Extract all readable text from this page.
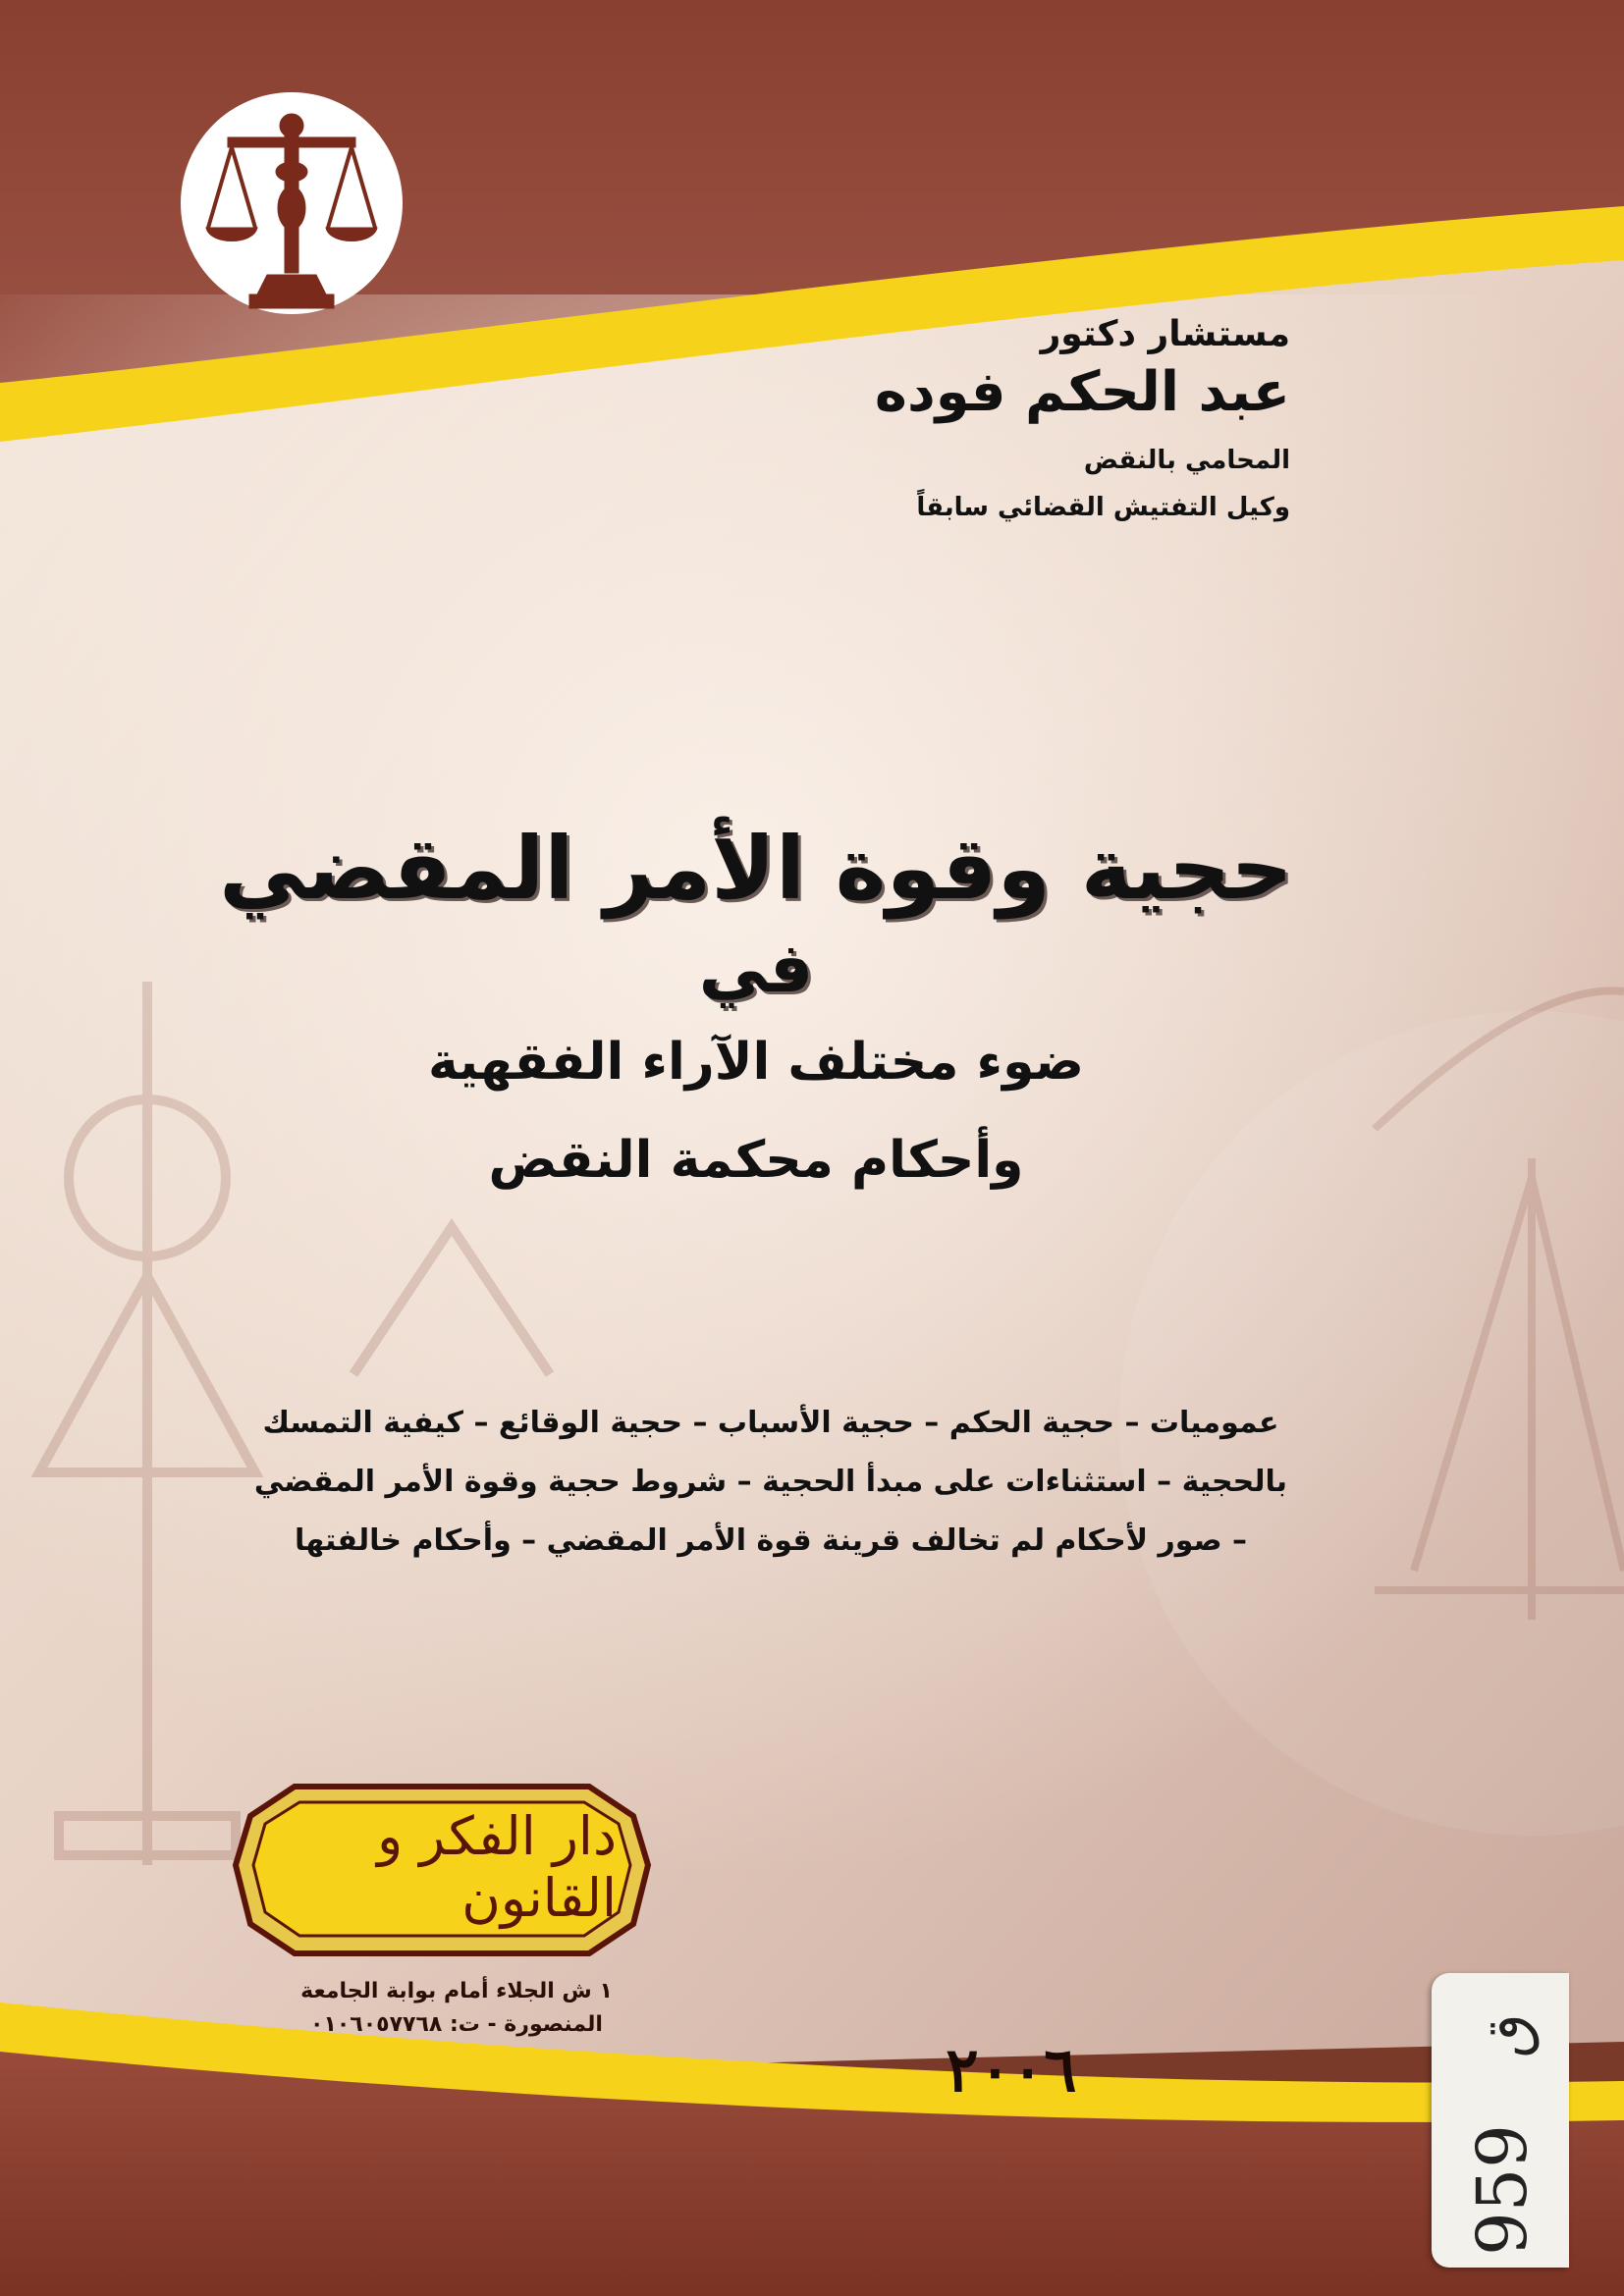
مستشار دكتور

عبد الحكم فوده

المحامي بالنقض

وكيل التفتيش القضائي سابقاً

حجية وقوة الأمر المقضي

في

ضوء مختلف الآراء الفقهية

وأحكام محكمة النقض

عموميات – حجية الحكم – حجية الأسباب – حجية الوقائع – كيفية التمسك

بالحجية – استثناءات على مبدأ الحجية – شروط حجية وقوة الأمر المقضي

– صور لأحكام لم تخالف قرينة قوة الأمر المقضي – وأحكام خالفتها

دار الفكر و القانون

١ ش الجلاء أمام بوابة الجامعة

المنصورة - ت: ٠١٠٦٠٥٧٧٦٨

٢٠٠٦	ق
959
